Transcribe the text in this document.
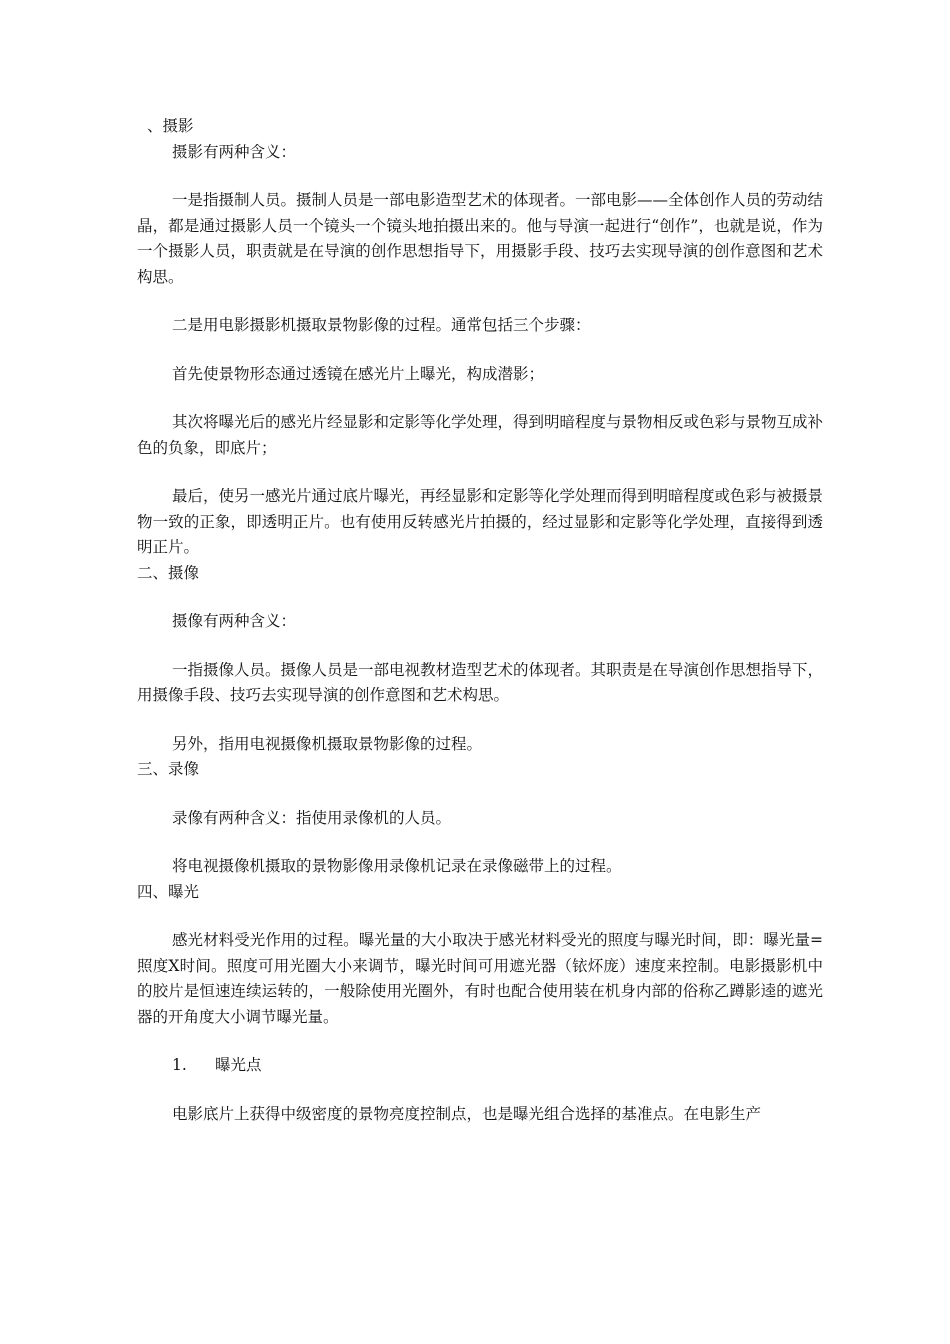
、摄影

摄影有两种含义：

一是指摄制人员。摄制人员是一部电影造型艺术的体现者。一部电影——全体创作人员的劳动结晶，都是通过摄影人员一个镜头一个镜头地拍摄出来的。他与导演一起进行“创作”，也就是说，作为一个摄影人员，职责就是在导演的创作思想指导下，用摄影手段、技巧去实现导演的创作意图和艺术构思。

二是用电影摄影机摄取景物影像的过程。通常包括三个步骤：

首先使景物形态通过透镜在感光片上曝光，构成潜影；

其次将曝光后的感光片经显影和定影等化学处理，得到明暗程度与景物相反或色彩与景物互成补色的负象，即底片；

最后，使另一感光片通过底片曝光，再经显影和定影等化学处理而得到明暗程度或色彩与被摄景物一致的正象，即透明正片。也有使用反转感光片拍摄的，经过显影和定影等化学处理，直接得到透明正片。

二、摄像

摄像有两种含义：

一指摄像人员。摄像人员是一部电视教材造型艺术的体现者。其职责是在导演创作思想指导下，用摄像手段、技巧去实现导演的创作意图和艺术构思。

另外，指用电视摄像机摄取景物影像的过程。

三、录像

录像有两种含义：指使用录像机的人员。

将电视摄像机摄取的景物影像用录像机记录在录像磁带上的过程。

四、曝光

感光材料受光作用的过程。曝光量的大小取决于感光材料受光的照度与曝光时间，即：曝光量=照度X时间。照度可用光圈大小来调节，曝光时间可用遮光器（铱炋庞）速度来控制。电影摄影机中的胶片是恒速连续运转的，一般除使用光圈外，有时也配合使用装在机身内部的俗称乙蹲影逵的遮光器的开角度大小调节曝光量。

1. 曝光点

电影底片上获得中级密度的景物亮度控制点，也是曝光组合选择的基准点。在电影生产
